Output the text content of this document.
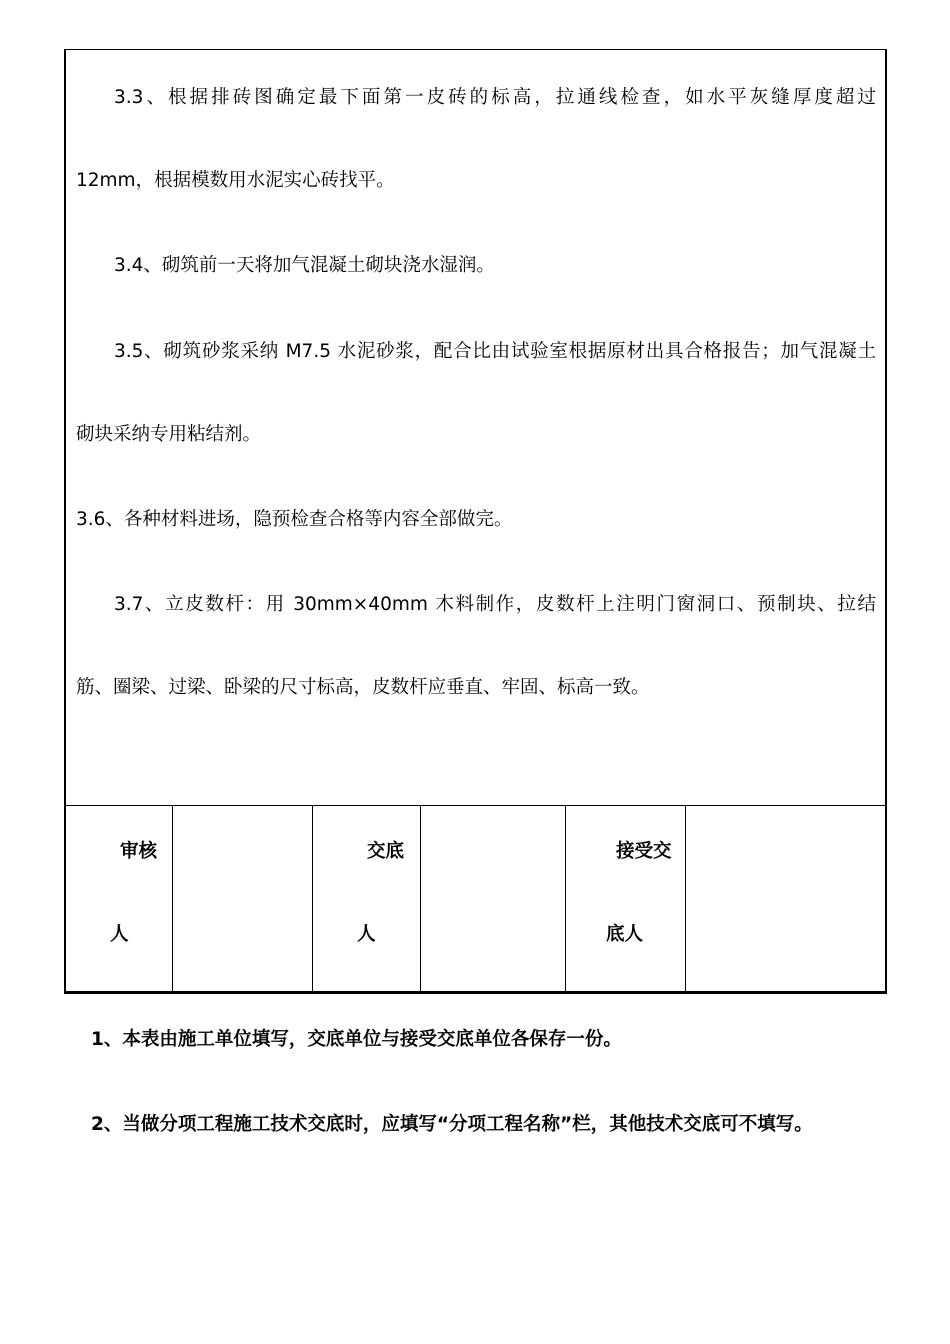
3.3、根据排砖图确定最下面第一皮砖的标高，拉通线检查，如水平灰缝厚度超过
12mm，根据模数用水泥实心砖找平。
3.4、砌筑前一天将加气混凝土砌块浇水湿润。
3.5、砌筑砂浆采纳 M7.5 水泥砂浆，配合比由试验室根据原材出具合格报告；加气混凝土
砌块采纳专用粘结剂。
3.6、各种材料进场，隐预检查合格等内容全部做完。
3.7、立皮数杆：用 30mm×40mm 木料制作，皮数杆上注明门窗洞口、预制块、拉结
筋、圈梁、过梁、卧梁的尺寸标高，皮数杆应垂直、牢固、标高一致。
审核
人
交底
人
接受交
底人
1、本表由施工单位填写，交底单位与接受交底单位各保存一份。
2、当做分项工程施工技术交底时，应填写“分项工程名称”栏，其他技术交底可不填写。
